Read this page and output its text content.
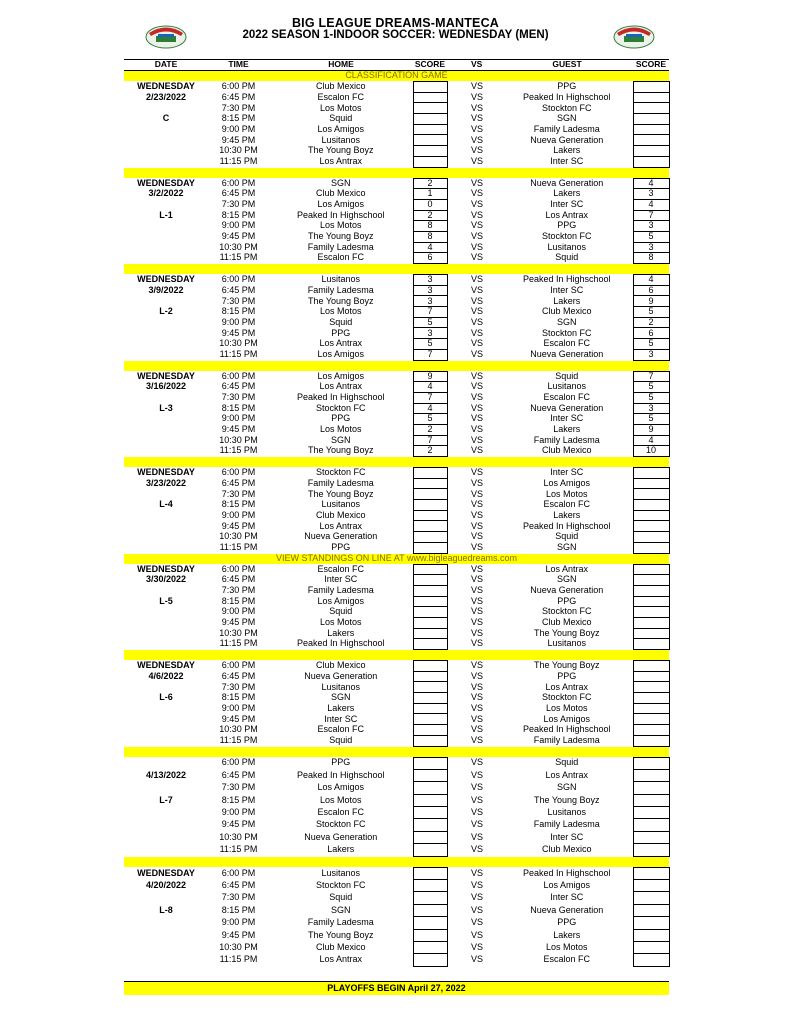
BIG LEAGUE DREAMS-MANTECA
2022 SEASON 1-INDOOR SOCCER: WEDNESDAY (MEN)
DATE	TIME	HOME	SCORE		VS	GUEST	SCORE
CLASSIFICATION GAME							
WEDNESDAY	6:00 PM	Club Mexico			VS	PPG	
2/23/2022	6:45 PM	Escalon FC			VS	Peaked In Highschool	
	7:30 PM	Los Motos			VS	Stockton FC	
C	8:15 PM	Squid			VS	SGN	
	9:00 PM	Los Amigos			VS	Family Ladesma	
	9:45 PM	Lusitanos			VS	Nueva Generation	
	10:30 PM	The Young Boyz			VS	Lakers	
	11:15 PM	Los Antrax			VS	Inter SC	

WEDNESDAY	6:00 PM	SGN	2		VS	Nueva Generation	4
3/2/2022	6:45 PM	Club Mexico	1		VS	Lakers	3
	7:30 PM	Los Amigos	0		VS	Inter SC	4
L-1	8:15 PM	Peaked In Highschool	2		VS	Los Antrax	7
	9:00 PM	Los Motos	8		VS	PPG	3
	9:45 PM	The Young Boyz	8		VS	Stockton FC	5
	10:30 PM	Family Ladesma	4		VS	Lusitanos	3
	11:15 PM	Escalon FC	6		VS	Squid	8

WEDNESDAY	6:00 PM	Lusitanos	3		VS	Peaked In Highschool	4
3/9/2022	6:45 PM	Family Ladesma	3		VS	Inter SC	6
	7:30 PM	The Young Boyz	3		VS	Lakers	9
L-2	8:15 PM	Los Motos	7		VS	Club Mexico	5
	9:00 PM	Squid	5		VS	SGN	2
	9:45 PM	PPG	3		VS	Stockton FC	6
	10:30 PM	Los Antrax	5		VS	Escalon FC	5
	11:15 PM	Los Amigos	7		VS	Nueva Generation	3

WEDNESDAY	6:00 PM	Los Amigos	9		VS	Squid	7
3/16/2022	6:45 PM	Los Antrax	4		VS	Lusitanos	5
	7:30 PM	Peaked In Highschool	7		VS	Escalon FC	5
L-3	8:15 PM	Stockton FC	4		VS	Nueva Generation	3
	9:00 PM	PPG	5		VS	Inter SC	5
	9:45 PM	Los Motos	2		VS	Lakers	9
	10:30 PM	SGN	7		VS	Family Ladesma	4
	11:15 PM	The Young Boyz	2		VS	Club Mexico	10

WEDNESDAY	6:00 PM	Stockton FC			VS	Inter SC	
3/23/2022	6:45 PM	Family Ladesma			VS	Los Amigos	
	7:30 PM	The Young Boyz			VS	Los Motos	
L-4	8:15 PM	Lusitanos			VS	Escalon FC	
	9:00 PM	Club Mexico			VS	Lakers	
	9:45 PM	Los Antrax			VS	Peaked In Highschool	
	10:30 PM	Nueva Generation			VS	Squid	
	11:15 PM	PPG			VS	SGN	
VIEW STANDINGS ON LINE AT www.bigleaguedreams.com							
WEDNESDAY	6:00 PM	Escalon FC			VS	Los Antrax	
3/30/2022	6:45 PM	Inter SC			VS	SGN	
	7:30 PM	Family Ladesma			VS	Nueva Generation	
L-5	8:15 PM	Los Amigos			VS	PPG	
	9:00 PM	Squid			VS	Stockton FC	
	9:45 PM	Los Motos			VS	Club Mexico	
	10:30 PM	Lakers			VS	The Young Boyz	
	11:15 PM	Peaked In Highschool			VS	Lusitanos	

WEDNESDAY	6:00 PM	Club Mexico			VS	The Young Boyz	
4/6/2022	6:45 PM	Nueva Generation			VS	PPG	
	7:30 PM	Lusitanos			VS	Los Antrax	
L-6	8:15 PM	SGN			VS	Stockton FC	
	9:00 PM	Lakers			VS	Los Motos	
	9:45 PM	Inter SC			VS	Los Amigos	
	10:30 PM	Escalon FC			VS	Peaked In Highschool	
	11:15 PM	Squid			VS	Family Ladesma	

	6:00 PM	PPG			VS	Squid	
4/13/2022	6:45 PM	Peaked In Highschool			VS	Los Antrax	
	7:30 PM	Los Amigos			VS	SGN	
L-7	8:15 PM	Los Motos			VS	The Young Boyz	
	9:00 PM	Escalon FC			VS	Lusitanos	
	9:45 PM	Stockton FC			VS	Family Ladesma	
	10:30 PM	Nueva Generation			VS	Inter SC	
	11:15 PM	Lakers			VS	Club Mexico	

WEDNESDAY	6:00 PM	Lusitanos			VS	Peaked In Highschool	
4/20/2022	6:45 PM	Stockton FC			VS	Los Amigos	
	7:30 PM	Squid			VS	Inter SC	
L-8	8:15 PM	SGN			VS	Nueva Generation	
	9:00 PM	Family Ladesma			VS	PPG	
	9:45 PM	The Young Boyz			VS	Lakers	
	10:30 PM	Club Mexico			VS	Los Motos	
	11:15 PM	Los Antrax			VS	Escalon FC	

PLAYOFFS BEGIN April 27, 2022							
